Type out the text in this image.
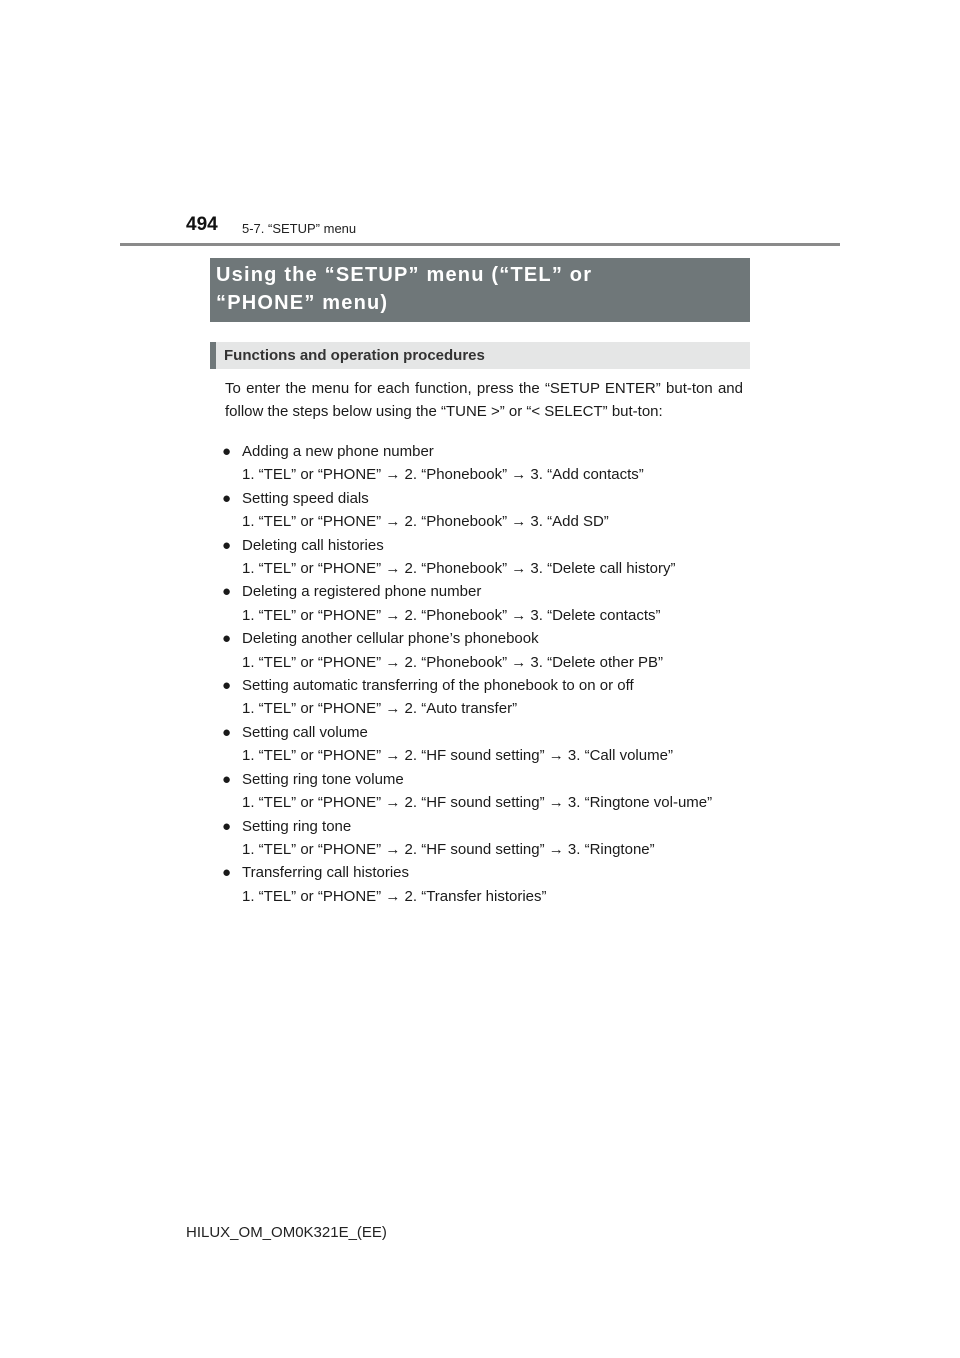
494 5-7. “SETUP” menu
Using the “SETUP” menu (“TEL” or
“PHONE” menu)
Functions and operation procedures
To enter the menu for each function, press the “SETUP ENTER” but-ton and follow the steps below using the “TUNE >” or “< SELECT” but-ton:
● Adding a new phone number
1. “TEL” or “PHONE” → 2. “Phonebook” → 3. “Add contacts”
● Setting speed dials
1. “TEL” or “PHONE” → 2. “Phonebook” → 3. “Add SD”
● Deleting call histories
1. “TEL” or “PHONE” → 2. “Phonebook” → 3. “Delete call history”
● Deleting a registered phone number
1. “TEL” or “PHONE” → 2. “Phonebook” → 3. “Delete contacts”
● Deleting another cellular phone’s phonebook
1. “TEL” or “PHONE” → 2. “Phonebook” → 3. “Delete other PB”
● Setting automatic transferring of the phonebook to on or off
1. “TEL” or “PHONE” → 2. “Auto transfer”
● Setting call volume
1. “TEL” or “PHONE” → 2. “HF sound setting” → 3. “Call volume”
● Setting ring tone volume
1. “TEL” or “PHONE” → 2. “HF sound setting” → 3. “Ringtone vol-ume”
● Setting ring tone
1. “TEL” or “PHONE” → 2. “HF sound setting” → 3. “Ringtone”
● Transferring call histories
1. “TEL” or “PHONE” → 2. “Transfer histories”
HILUX_OM_OM0K321E_(EE)
